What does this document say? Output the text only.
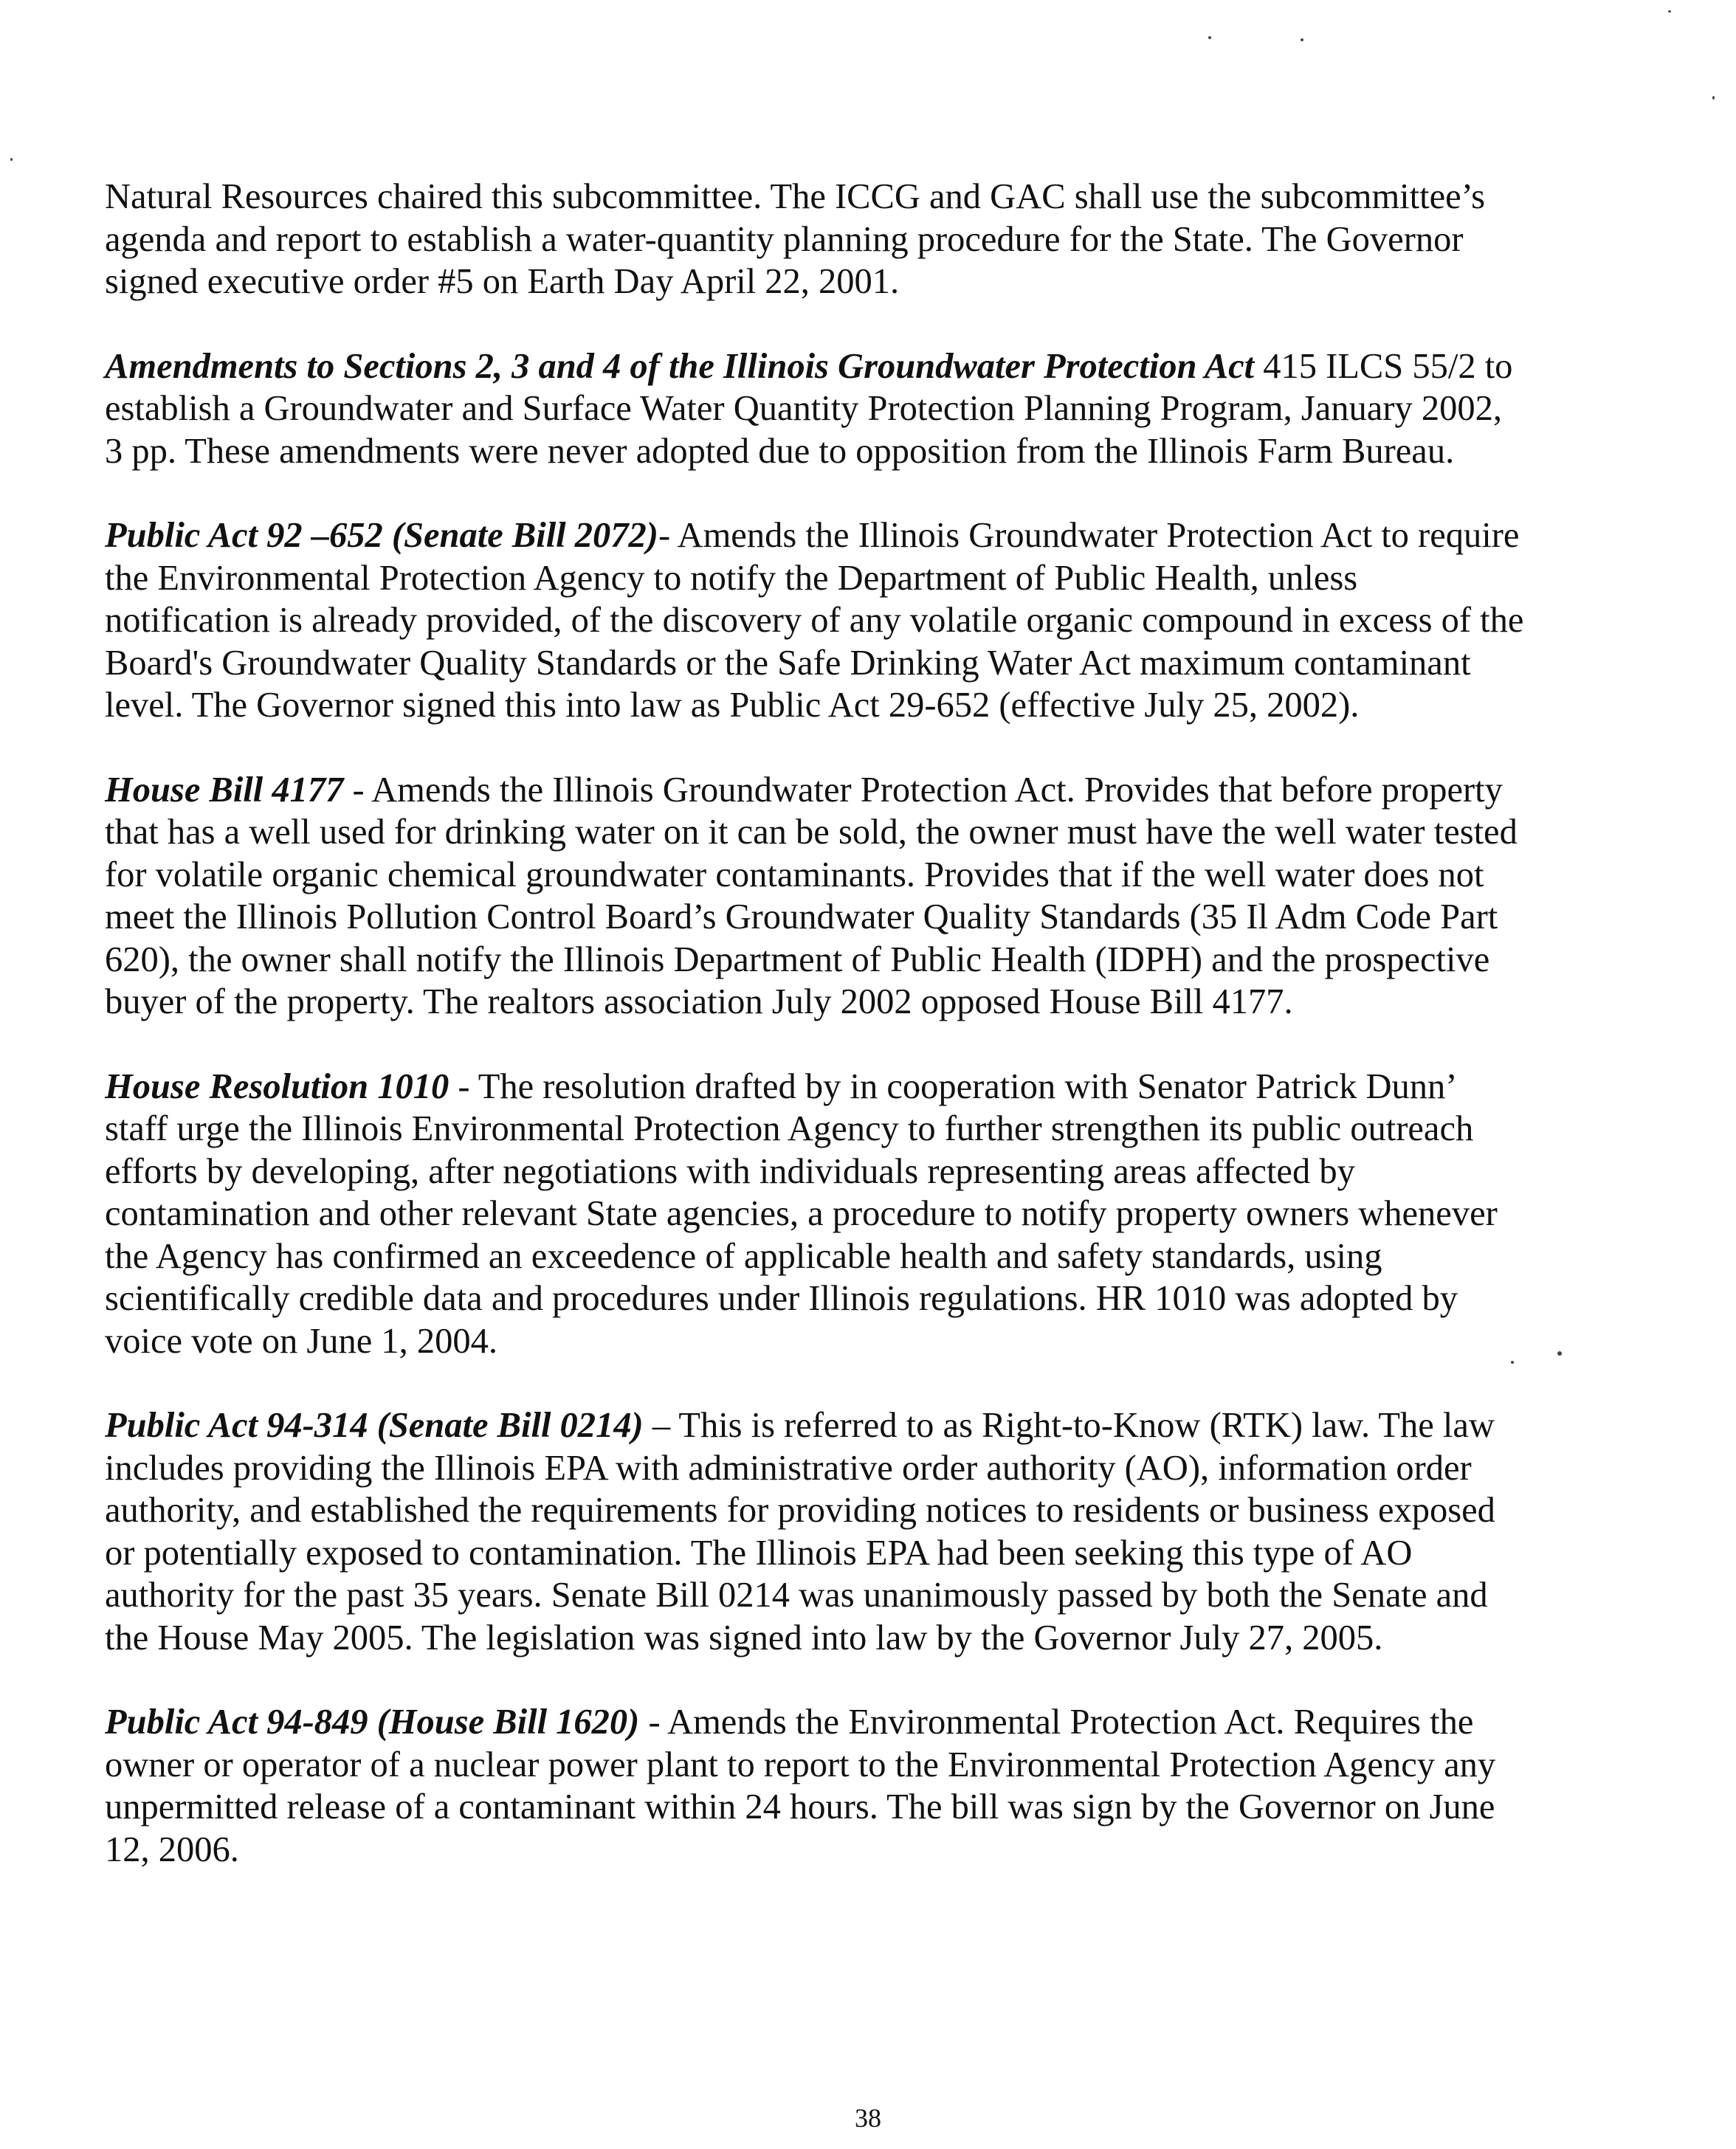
Natural Resources chaired this subcommittee. The ICCG and GAC shall use the subcommittee’s
agenda and report to establish a water-quantity planning procedure for the State. The Governor
signed executive order #5 on Earth Day April 22, 2001.

Amendments to Sections 2, 3 and 4 of the Illinois Groundwater Protection Act 415 ILCS 55/2 to
establish a Groundwater and Surface Water Quantity Protection Planning Program, January 2002,
3 pp. These amendments were never adopted due to opposition from the Illinois Farm Bureau.

Public Act 92 –652 (Senate Bill 2072)- Amends the Illinois Groundwater Protection Act to require
the Environmental Protection Agency to notify the Department of Public Health, unless
notification is already provided, of the discovery of any volatile organic compound in excess of the
Board's Groundwater Quality Standards or the Safe Drinking Water Act maximum contaminant
level. The Governor signed this into law as Public Act 29-652 (effective July 25, 2002).

House Bill 4177 - Amends the Illinois Groundwater Protection Act. Provides that before property
that has a well used for drinking water on it can be sold, the owner must have the well water tested
for volatile organic chemical groundwater contaminants. Provides that if the well water does not
meet the Illinois Pollution Control Board’s Groundwater Quality Standards (35 Il Adm Code Part
620), the owner shall notify the Illinois Department of Public Health (IDPH) and the prospective
buyer of the property. The realtors association July 2002 opposed House Bill 4177.

House Resolution 1010 - The resolution drafted by in cooperation with Senator Patrick Dunn’
staff urge the Illinois Environmental Protection Agency to further strengthen its public outreach
efforts by developing, after negotiations with individuals representing areas affected by
contamination and other relevant State agencies, a procedure to notify property owners whenever
the Agency has confirmed an exceedence of applicable health and safety standards, using
scientifically credible data and procedures under Illinois regulations. HR 1010 was adopted by
voice vote on June 1, 2004.

Public Act 94-314 (Senate Bill 0214) – This is referred to as Right-to-Know (RTK) law. The law
includes providing the Illinois EPA with administrative order authority (AO), information order
authority, and established the requirements for providing notices to residents or business exposed
or potentially exposed to contamination. The Illinois EPA had been seeking this type of AO
authority for the past 35 years. Senate Bill 0214 was unanimously passed by both the Senate and
the House May 2005. The legislation was signed into law by the Governor July 27, 2005.

Public Act 94-849 (House Bill 1620) - Amends the Environmental Protection Act. Requires the
owner or operator of a nuclear power plant to report to the Environmental Protection Agency any
unpermitted release of a contaminant within 24 hours. The bill was sign by the Governor on June
12, 2006.

38
